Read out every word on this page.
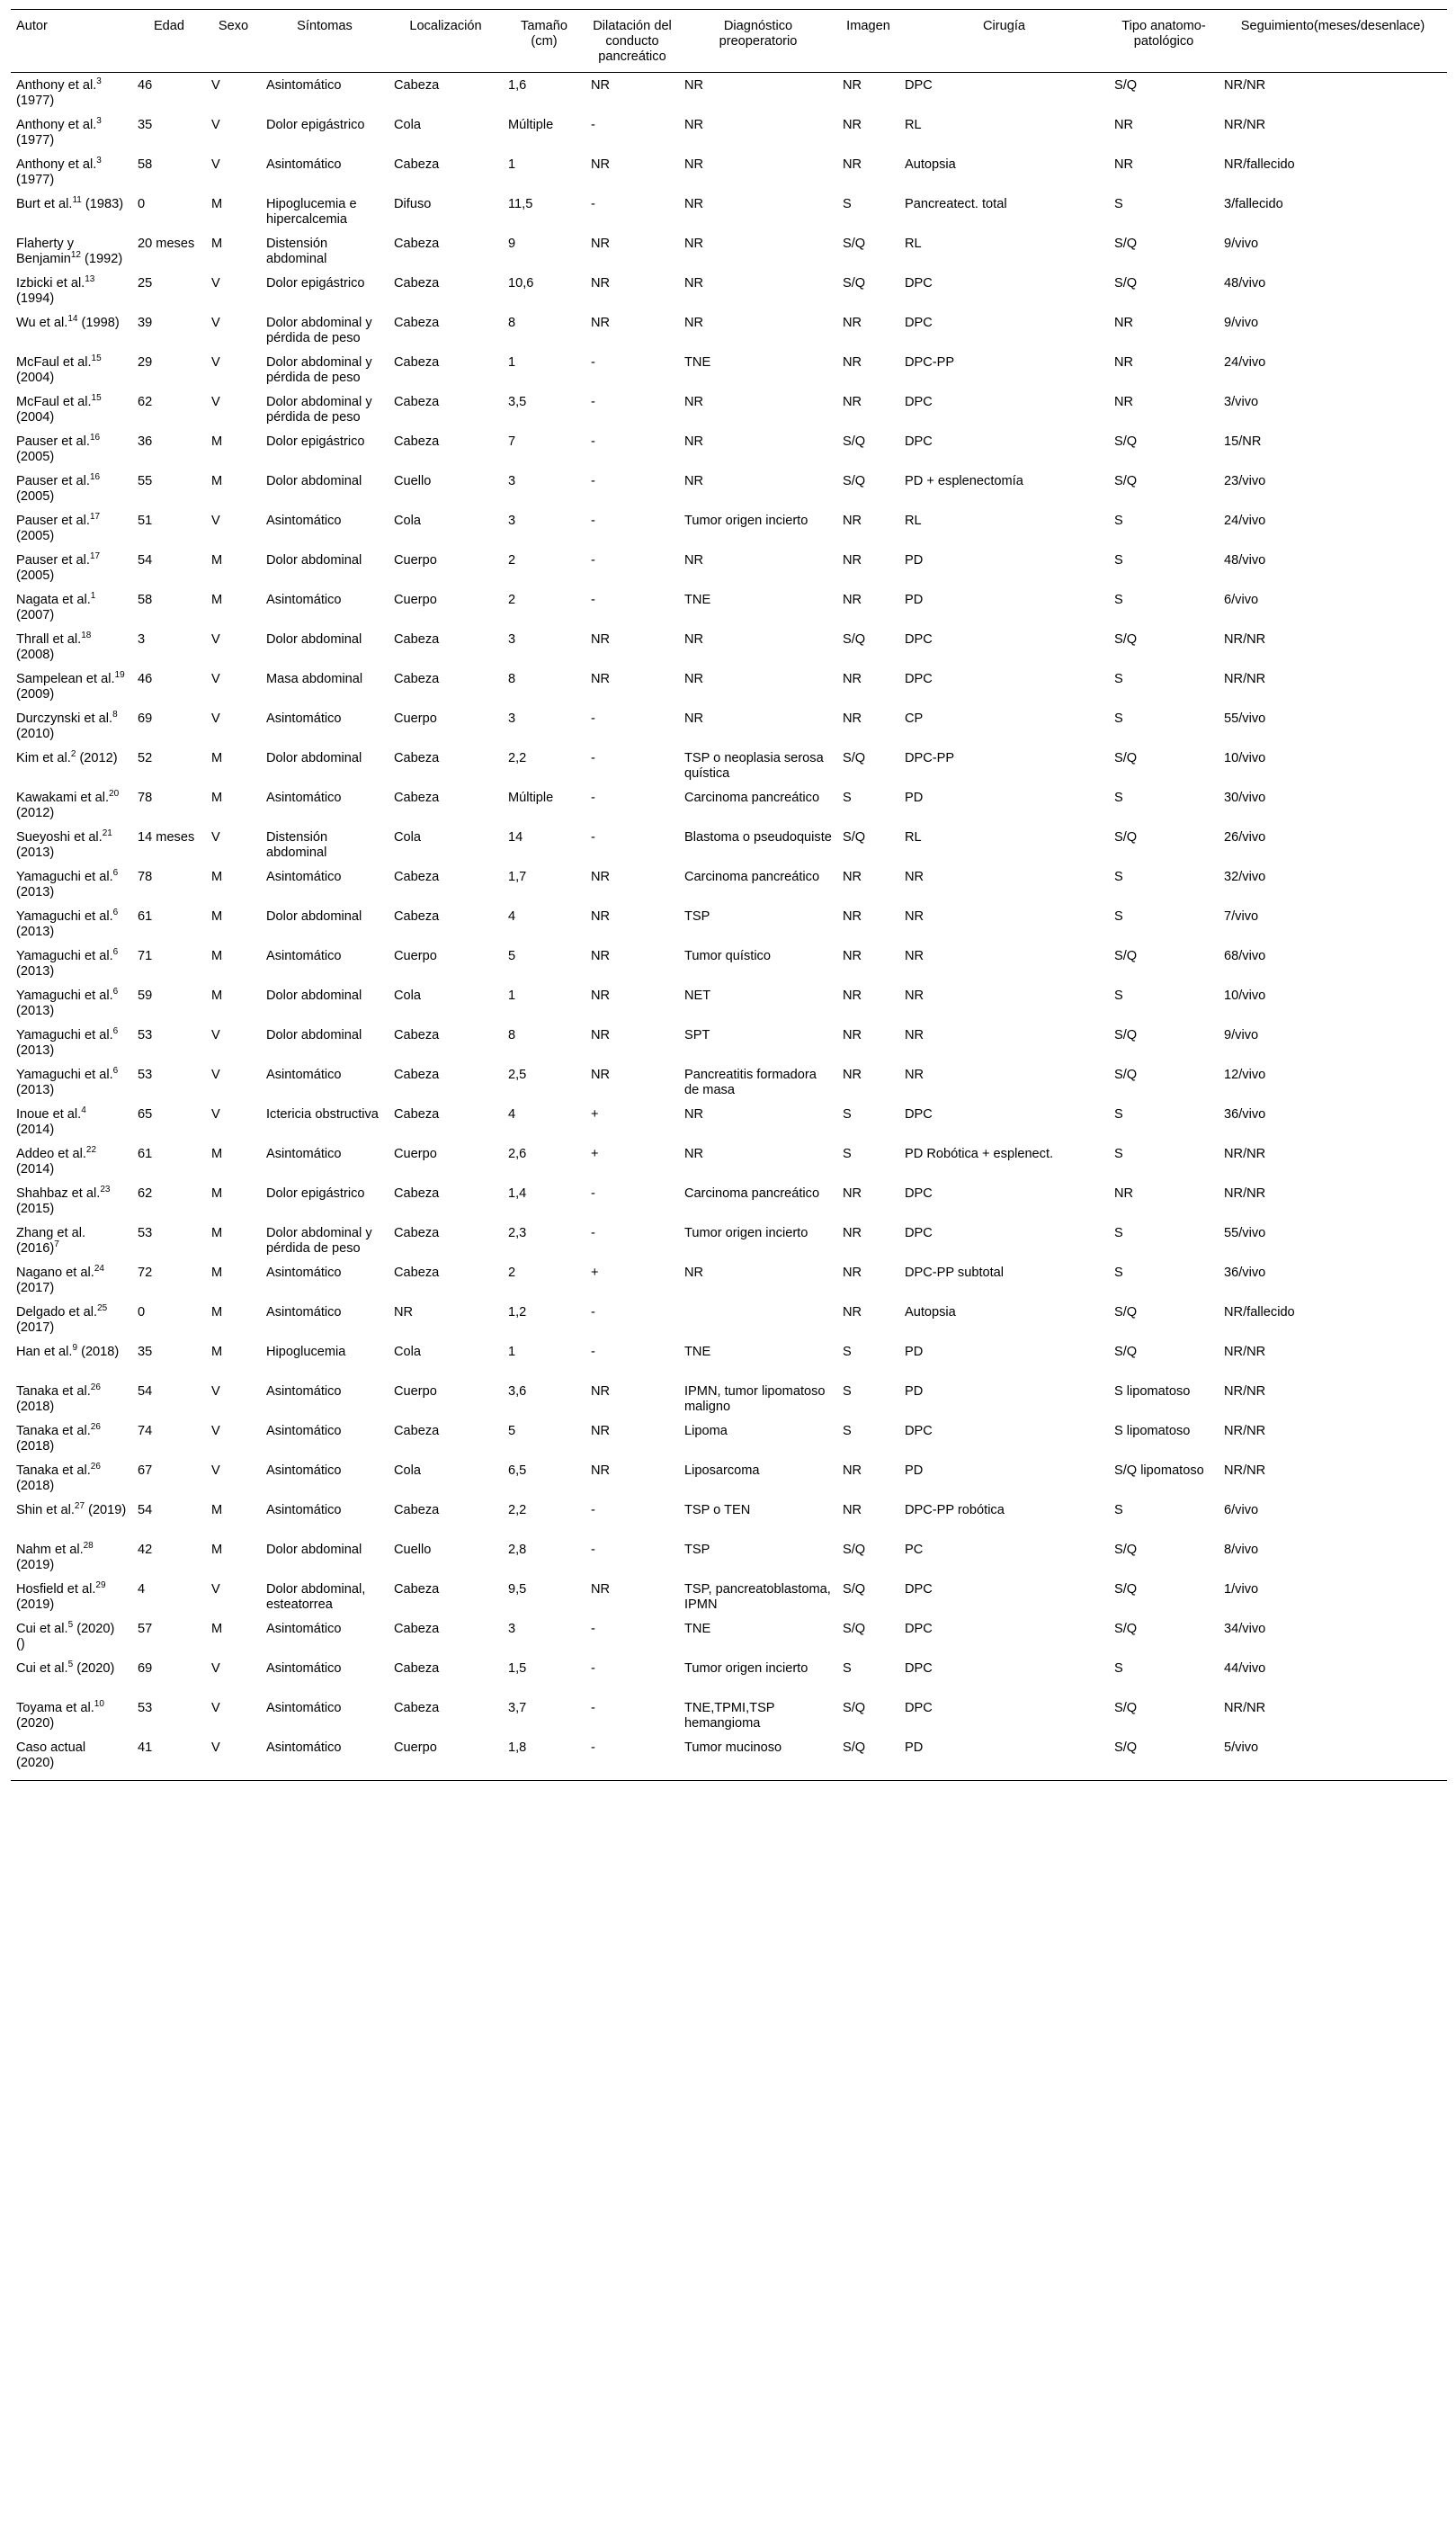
Autor	Edad	Sexo	Síntomas	Localización	Tamaño (cm)	Dilatación del conducto pancreático	Diagnóstico preoperatorio	Imagen	Cirugía	Tipo anatomo-patológico	Seguimiento(meses/desenlace)
Anthony et al.$^3$ (1977)	46	V	Asintomático	Cabeza	1,6	NR	NR	NR	DPC	S/Q	NR/NR
Anthony et al.$^3$ (1977)	35	V	Dolor epigástrico	Cola	Múltiple	-	NR	NR	RL	NR	NR/NR
Anthony et al.$^3$ (1977)	58	V	Asintomático	Cabeza	1	NR	NR	NR	Autopsia	NR	NR/fallecido
Burt et al.$^{11}$ (1983)	0	M	Hipoglucemia e hipercalcemia	Difuso	11,5	-	NR	S	Pancreatect. total	S	3/fallecido
Flaherty y Benjamin$^{12}$ (1992)	20 meses	M	Distensión abdominal	Cabeza	9	NR	NR	S/Q	RL	S/Q	9/vivo
Izbicki et al.$^{13}$ (1994)	25	V	Dolor epigástrico	Cabeza	10,6	NR	NR	S/Q	DPC	S/Q	48/vivo
Wu et al.$^{14}$ (1998)	39	V	Dolor abdominal y pérdida de peso	Cabeza	8	NR	NR	NR	DPC	NR	9/vivo
McFaul et al.$^{15}$ (2004)	29	V	Dolor abdominal y pérdida de peso	Cabeza	1	-	TNE	NR	DPC-PP	NR	24/vivo
McFaul et al.$^{15}$ (2004)	62	V	Dolor abdominal y pérdida de peso	Cabeza	3,5	-	NR	NR	DPC	NR	3/vivo
Pauser et al.$^{16}$ (2005)	36	M	Dolor epigástrico	Cabeza	7	-	NR	S/Q	DPC	S/Q	15/NR
Pauser et al.$^{16}$ (2005)	55	M	Dolor abdominal	Cuello	3	-	NR	S/Q	PD + esplenectomía	S/Q	23/vivo
Pauser et al.$^{17}$ (2005)	51	V	Asintomático	Cola	3	-	Tumor origen incierto	NR	RL	S	24/vivo
Pauser et al.$^{17}$ (2005)	54	M	Dolor abdominal	Cuerpo	2	-	NR	NR	PD	S	48/vivo
Nagata et al.$^1$ (2007)	58	M	Asintomático	Cuerpo	2	-	TNE	NR	PD	S	6/vivo
Thrall et al.$^{18}$ (2008)	3	V	Dolor abdominal	Cabeza	3	NR	NR	S/Q	DPC	S/Q	NR/NR
Sampelean et al.$^{19}$ (2009)	46	V	Masa abdominal	Cabeza	8	NR	NR	NR	DPC	S	NR/NR
Durczynski et al.$^8$ (2010)	69	V	Asintomático	Cuerpo	3	-	NR	NR	CP	S	55/vivo
Kim et al.$^2$ (2012)	52	M	Dolor abdominal	Cabeza	2,2	-	TSP o neoplasia serosa quística	S/Q	DPC-PP	S/Q	10/vivo
Kawakami et al.$^{20}$ (2012)	78	M	Asintomático	Cabeza	Múltiple	-	Carcinoma pancreático	S	PD	S	30/vivo
Sueyoshi et al.$^{21}$ (2013)	14 meses	V	Distensión abdominal	Cola	14	-	Blastoma o pseudoquiste	S/Q	RL	S/Q	26/vivo
Yamaguchi et al.$^6$ (2013)	78	M	Asintomático	Cabeza	1,7	NR	Carcinoma pancreático	NR	NR	S	32/vivo
Yamaguchi et al.$^6$ (2013)	61	M	Dolor abdominal	Cabeza	4	NR	TSP	NR	NR	S	7/vivo
Yamaguchi et al.$^6$ (2013)	71	M	Asintomático	Cuerpo	5	NR	Tumor quístico	NR	NR	S/Q	68/vivo
Yamaguchi et al.$^6$ (2013)	59	M	Dolor abdominal	Cola	1	NR	NET	NR	NR	S	10/vivo
Yamaguchi et al.$^6$ (2013)	53	V	Dolor abdominal	Cabeza	8	NR	SPT	NR	NR	S/Q	9/vivo
Yamaguchi et al.$^6$ (2013)	53	V	Asintomático	Cabeza	2,5	NR	Pancreatitis formadora de masa	NR	NR	S/Q	12/vivo
Inoue et al.$^4$ (2014)	65	V	Ictericia obstructiva	Cabeza	4	+	NR	S	DPC	S	36/vivo
Addeo et al.$^{22}$ (2014)	61	M	Asintomático	Cuerpo	2,6	+	NR	S	PD Robótica + esplenect.	S	NR/NR
Shahbaz et al.$^{23}$ (2015)	62	M	Dolor epigástrico	Cabeza	1,4	-	Carcinoma pancreático	NR	DPC	NR	NR/NR
Zhang et al. $(2016)^7$	53	M	Dolor abdominal y pérdida de peso	Cabeza	2,3	-	Tumor origen incierto	NR	DPC	S	55/vivo
Nagano et al.$^{24}$ (2017)	72	M	Asintomático	Cabeza	2	+	NR	NR	DPC-PP subtotal	S	36/vivo
Delgado et al.$^{25}$ (2017)	0	M	Asintomático	NR	1,2	-		NR	Autopsia	S/Q	NR/fallecido
Han et al.$^9$ (2018)	35	M	Hipoglucemia	Cola	1	-	TNE	S	PD	S/Q	NR/NR
Tanaka et al.$^{26}$ (2018)	54	V	Asintomático	Cuerpo	3,6	NR	IPMN, tumor lipomatoso maligno	S	PD	S lipomatoso	NR/NR
Tanaka et al.$^{26}$ (2018)	74	V	Asintomático	Cabeza	5	NR	Lipoma	S	DPC	S lipomatoso	NR/NR
Tanaka et al.$^{26}$ (2018)	67	V	Asintomático	Cola	6,5	NR	Liposarcoma	NR	PD	S/Q lipomatoso	NR/NR
Shin et al.$^{27}$ (2019)	54	M	Asintomático	Cabeza	2,2	-	TSP o TEN	NR	DPC-PP robótica	S	6/vivo
Nahm et al.$^{28}$ (2019)	42	M	Dolor abdominal	Cuello	2,8	-	TSP	S/Q	PC	S/Q	8/vivo
Hosfield et al.$^{29}$ (2019)	4	V	Dolor abdominal, esteatorrea	Cabeza	9,5	NR	TSP, pancreatoblastoma, IPMN	S/Q	DPC	S/Q	1/vivo
Cui et al.$^5$ (2020) ()	57	M	Asintomático	Cabeza	3	-	TNE	S/Q	DPC	S/Q	34/vivo
Cui et al.$^5$ (2020)	69	V	Asintomático	Cabeza	1,5	-	Tumor origen incierto	S	DPC	S	44/vivo
Toyama et al.$^{10}$ (2020)	53	V	Asintomático	Cabeza	3,7	-	TNE,TPMI,TSP hemangioma	S/Q	DPC	S/Q	NR/NR
Caso actual (2020)	41	V	Asintomático	Cuerpo	1,8	-	Tumor mucinoso	S/Q	PD	S/Q	5/vivo
